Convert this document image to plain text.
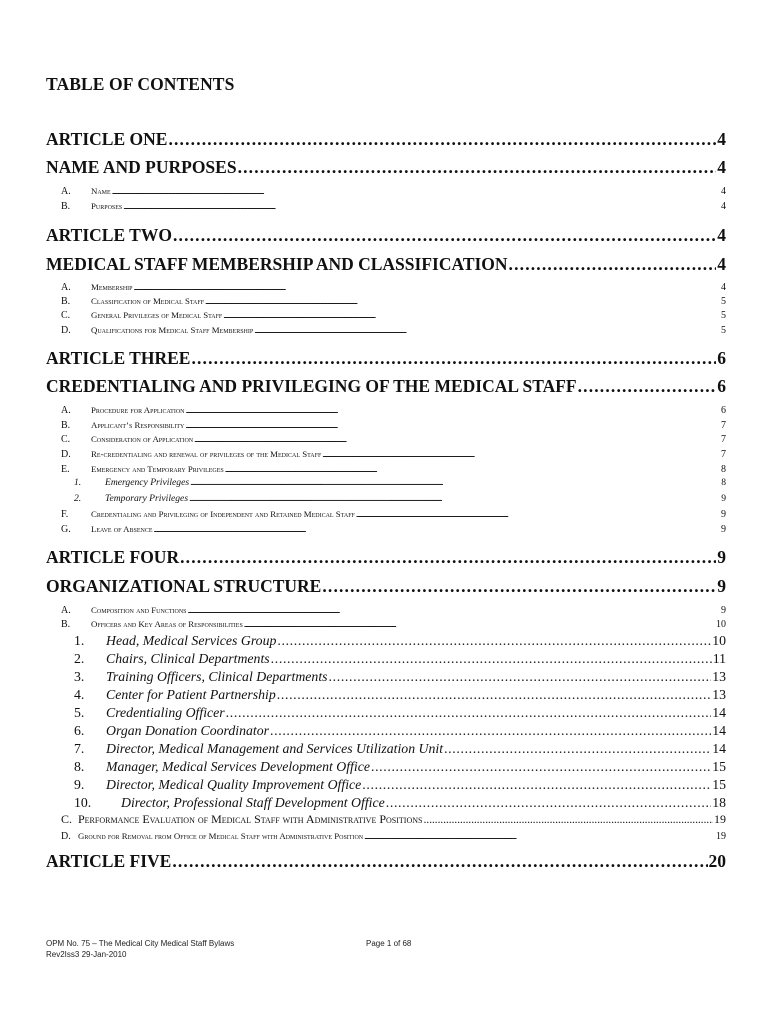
TABLE OF CONTENTS
ARTICLE ONE . . .	4
NAME AND PURPOSES . . .	4
A.	Name . . .	4
B.	Purposes . . .	4
ARTICLE TWO . . .	4
MEDICAL STAFF MEMBERSHIP AND CLASSIFICATION . . .	4
A.	Membership . . .	4
B.	Classification of Medical Staff . . .	5
C.	General Privileges of Medical Staff . . .	5
D.	Qualifications for Medical Staff Membership . . .	5
ARTICLE THREE . . .	6
CREDENTIALING AND PRIVILEGING OF THE MEDICAL STAFF . . .	6
A.	Procedure for Application . . .	6
B.	Applicant’s Responsibility . . .	7
C.	Consideration of Application . . .	7
D.	Re-credentialing and renewal of privileges of the Medical Staff . . .	7
E.	Emergency and Temporary Privileges . . .	8
1.	Emergency Privileges . . .	8
2.	Temporary Privileges . . .	9
F.	Credentialing and Privileging of Independent and Retained Medical Staff . . .	9
G.	Leave of Absence . . .	9
ARTICLE FOUR . . .	9
ORGANIZATIONAL STRUCTURE . . .	9
A.	Composition and Functions . . .	9
B.	Officers and Key Areas of Responsibilities . . .	10
1.	Head, Medical Services Group . . .	10
2.	Chairs, Clinical Departments . . .	11
3.	Training Officers, Clinical Departments . . .	13
4.	Center for Patient Partnership . . .	13
5.	Credentialing Officer . . .	14
6.	Organ Donation Coordinator . . .	14
7.	Director, Medical Management and Services Utilization Unit . . .	14
8.	Manager, Medical Services Development Office . . .	15
9.	Director, Medical Quality Improvement Office . . .	15
10.	Director, Professional Staff Development Office . . .	18
C. Performance Evaluation of Medical Staff with Administrative Positions . . .	19
D. Ground for Removal from Office of Medical Staff with Administrative Position . . .	19
ARTICLE FIVE . . .	20
OPM No. 75 – The Medical City Medical Staff Bylaws
Rev2Iss3 29-Jan-2010
Page 1 of 68
